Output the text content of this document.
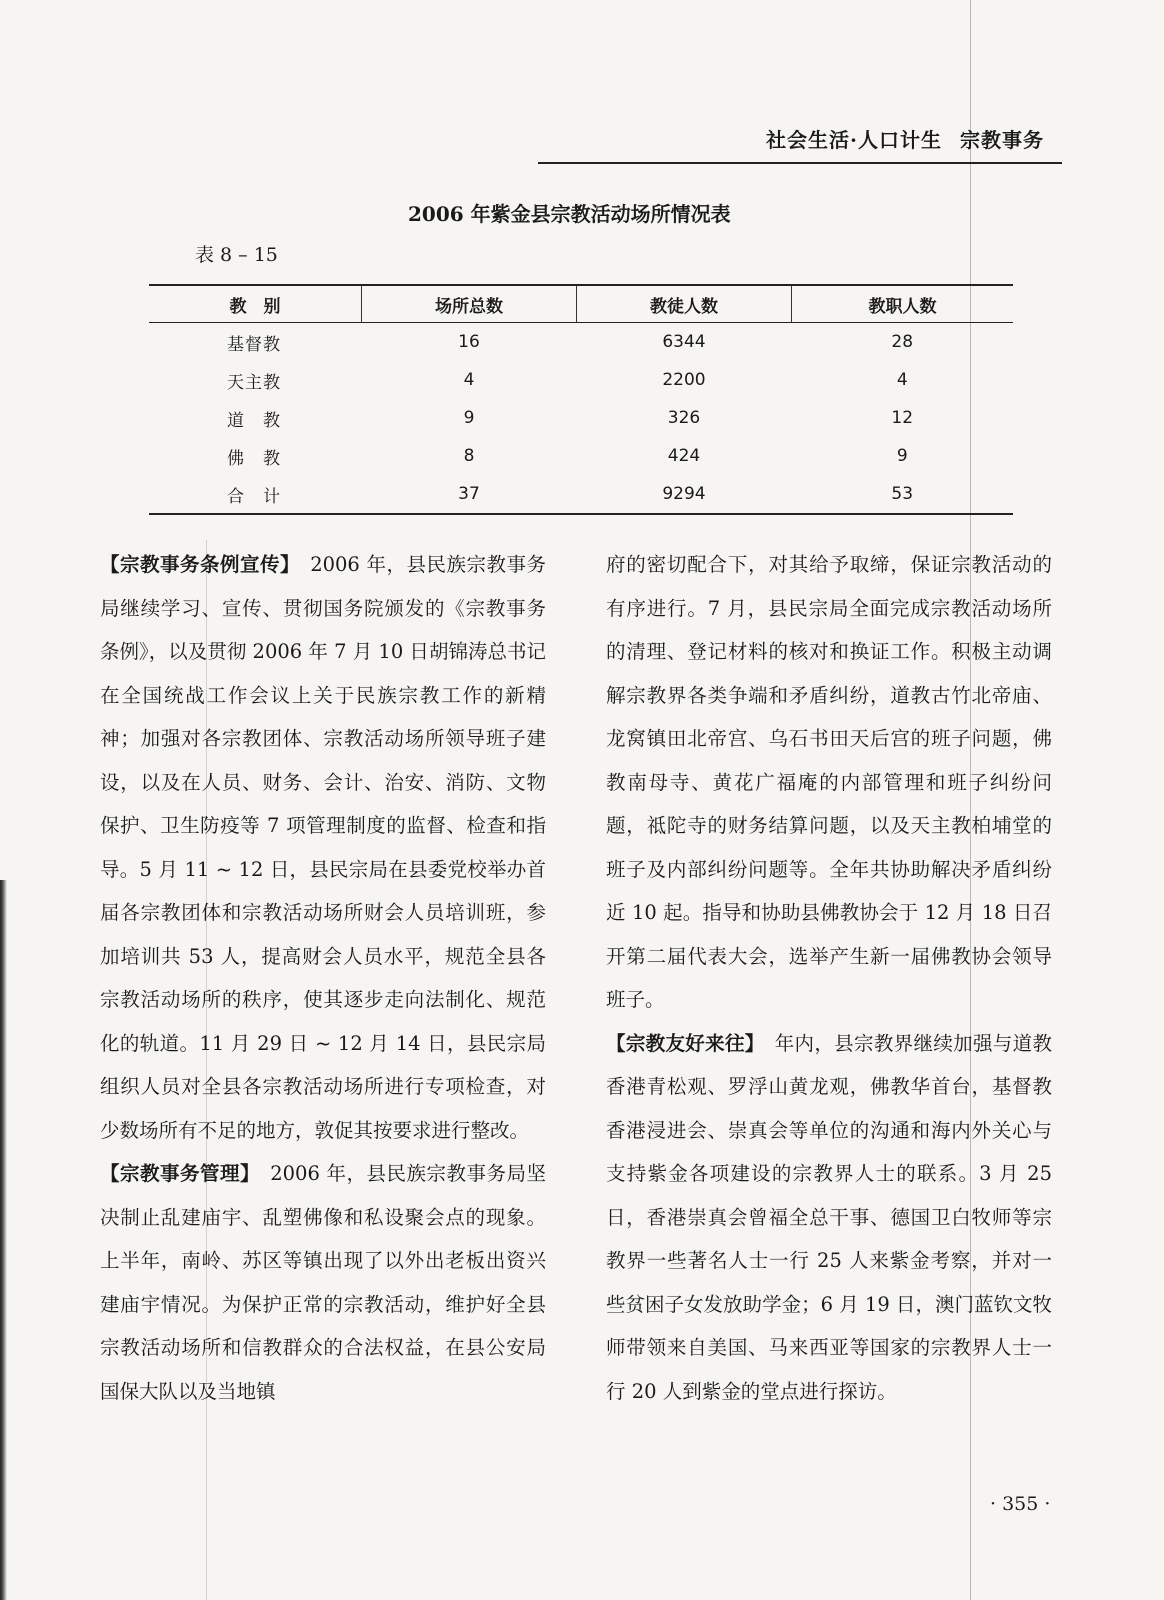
社会生活·人口计生 宗教事务
2006 年紫金县宗教活动场所情况表
表 8 – 15
教　别	场所总数	教徒人数	教职人数
基督教	16	6344	28
天主教	4	2200	4
道　教	9	326	12
佛　教	8	424	9
合　计	37	9294	53

【宗教事务条例宣传】　 2006 年，县民族宗教事务局继续学习、宣传、贯彻国务院颁发的《宗教事务条例》，以及贯彻 2006 年 7 月 10 日胡锦涛总书记在全国统战工作会议上关于民族宗教工作的新精神；加强对各宗教团体、宗教活动场所领导班子建设，以及在人员、财务、会计、治安、消防、文物保护、卫生防疫等 7 项管理制度的监督、检查和指导。5 月 11 ~ 12 日，县民宗局在县委党校举办首届各宗教团体和宗教活动场所财会人员培训班，参加培训共 53 人，提高财会人员水平，规范全县各宗教活动场所的秩序，使其逐步走向法制化、规范化的轨道。11 月 29 日 ~ 12 月 14 日，县民宗局组织人员对全县各宗教活动场所进行专项检查，对少数场所有不足的地方，敦促其按要求进行整改。

【宗教事务管理】　 2006 年，县民族宗教事务局坚决制止乱建庙宇、乱塑佛像和私设聚会点的现象。上半年，南岭、苏区等镇出现了以外出老板出资兴建庙宇情况。为保护正常的宗教活动，维护好全县宗教活动场所和信教群众的合法权益，在县公安局国保大队以及当地镇

府的密切配合下，对其给予取缔，保证宗教活动的有序进行。7 月，县民宗局全面完成宗教活动场所的清理、登记材料的核对和换证工作。积极主动调解宗教界各类争端和矛盾纠纷，道教古竹北帝庙、龙窝镇田北帝宫、乌石书田天后宫的班子问题，佛教南母寺、黄花广福庵的内部管理和班子纠纷问题，祗陀寺的财务结算问题，以及天主教柏埔堂的班子及内部纠纷问题等。全年共协助解决矛盾纠纷近 10 起。指导和协助县佛教协会于 12 月 18 日召开第二届代表大会，选举产生新一届佛教协会领导班子。

【宗教友好来往】　 年内，县宗教界继续加强与道教香港青松观、罗浮山黄龙观，佛教华首台，基督教香港浸进会、崇真会等单位的沟通和海内外关心与支持紫金各项建设的宗教界人士的联系。3 月 25 日，香港崇真会曾福全总干事、德国卫白牧师等宗教界一些著名人士一行 25 人来紫金考察，并对一些贫困子女发放助学金；6 月 19 日，澳门蓝钦文牧师带领来自美国、马来西亚等国家的宗教界人士一行 20 人到紫金的堂点进行探访。

· 355 ·
